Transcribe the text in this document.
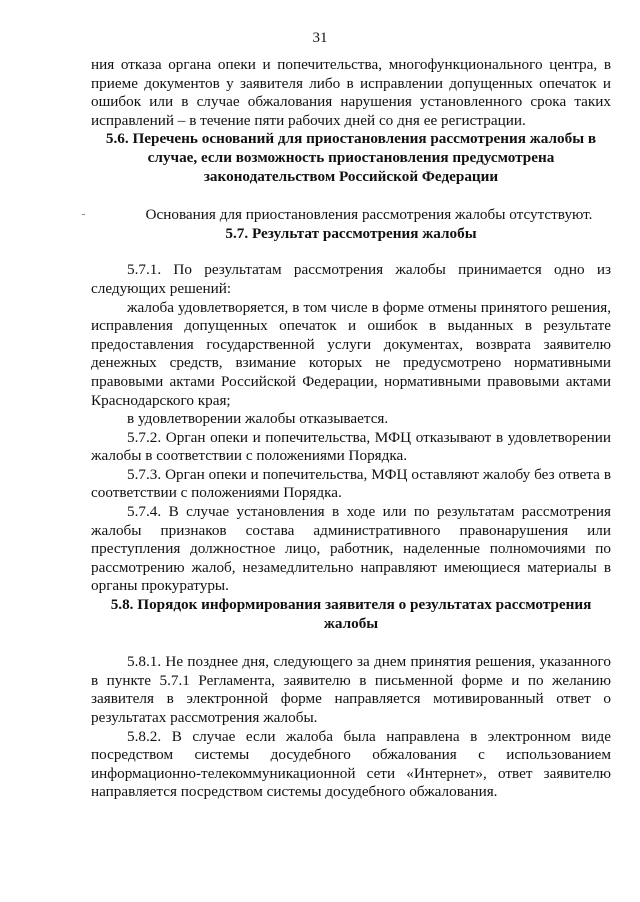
31

ния отказа органа опеки и попечительства, многофункционального центра, в приеме документов у заявителя либо в исправлении допущенных опечаток и ошибок или в случае обжалования нарушения установленного срока таких исправлений – в течение пяти рабочих дней со дня ее регистрации.

5.6. Перечень оснований для приостановления рассмотрения жалобы в случае, если возможность приостановления предусмотрена законодательством Российской Федерации

Основания для приостановления рассмотрения жалобы отсутствуют.

5.7. Результат рассмотрения жалобы

5.7.1. По результатам рассмотрения жалобы принимается одно из следующих решений:

жалоба удовлетворяется, в том числе в форме отмены принятого решения, исправления допущенных опечаток и ошибок в выданных в результате предоставления государственной услуги документах, возврата заявителю денежных средств, взимание которых не предусмотрено нормативными правовыми актами Российской Федерации, нормативными правовыми актами Краснодарского края;

в удовлетворении жалобы отказывается.

5.7.2. Орган опеки и попечительства, МФЦ отказывают в удовлетворении жалобы в соответствии с положениями Порядка.

5.7.3. Орган опеки и попечительства, МФЦ оставляют жалобу без ответа в соответствии с положениями Порядка.

5.7.4. В случае установления в ходе или по результатам рассмотрения жалобы признаков состава административного правонарушения или преступления должностное лицо, работник, наделенные полномочиями по рассмотрению жалоб, незамедлительно направляют имеющиеся материалы в органы прокуратуры.

5.8. Порядок информирования заявителя о результатах рассмотрения жалобы

5.8.1. Не позднее дня, следующего за днем принятия решения, указанного в пункте 5.7.1 Регламента, заявителю в письменной форме и по желанию заявителя в электронной форме направляется мотивированный ответ о результатах рассмотрения жалобы.

5.8.2. В случае если жалоба была направлена в электронном виде посредством системы досудебного обжалования с использованием информационно-телекоммуникационной сети «Интернет», ответ заявителю направляется посредством системы досудебного обжалования.
